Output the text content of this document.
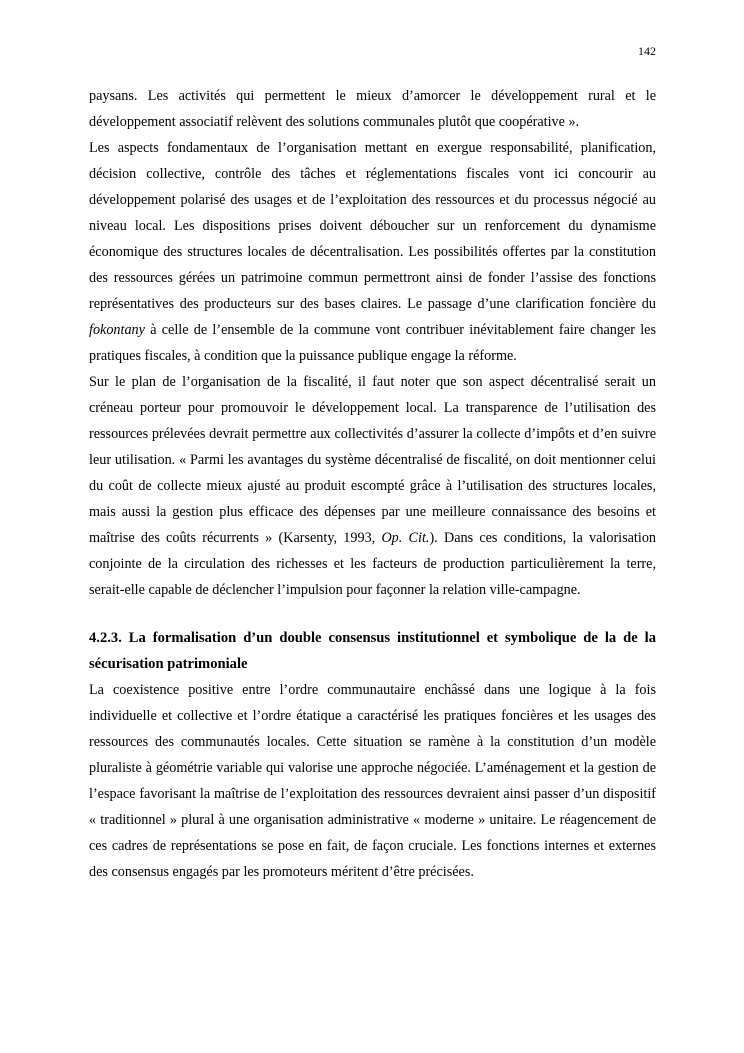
142

paysans. Les activités qui permettent le mieux d’amorcer le développement rural et le développement associatif relèvent des solutions communales plutôt que coopérative ».

Les aspects fondamentaux de l’organisation mettant en exergue responsabilité, planification, décision collective, contrôle des tâches et réglementations fiscales vont ici concourir au développement polarisé des usages et de l’exploitation des ressources et du processus négocié au niveau local. Les dispositions prises doivent déboucher sur un renforcement du dynamisme économique des structures locales de décentralisation. Les possibilités offertes par la constitution des ressources gérées un patrimoine commun permettront ainsi de fonder l’assise des fonctions représentatives des producteurs sur des bases claires. Le passage d’une clarification foncière du fokontany à celle de l’ensemble de la commune vont contribuer inévitablement faire changer les pratiques fiscales, à condition que la puissance publique engage la réforme.

Sur le plan de l’organisation de la fiscalité, il faut noter que son aspect décentralisé serait un créneau porteur pour promouvoir le développement local. La transparence de l’utilisation des ressources prélevées devrait permettre aux collectivités d’assurer la collecte d’impôts et d’en suivre leur utilisation. « Parmi les avantages du système décentralisé de fiscalité, on doit mentionner celui du coût de collecte mieux ajusté au produit escompté grâce à l’utilisation des structures locales, mais aussi la gestion plus efficace des dépenses par une meilleure connaissance des besoins et maîtrise des coûts récurrents » (Karsenty, 1993, Op. Cit.). Dans ces conditions, la valorisation conjointe de la circulation des richesses et les facteurs de production particulièrement la terre, serait-elle capable de déclencher l’impulsion pour façonner la relation ville-campagne.

4.2.3. La formalisation d’un double consensus institutionnel et symbolique de la de la sécurisation patrimoniale

La coexistence positive entre l’ordre communautaire enchâssé dans une logique à la fois individuelle et collective et l’ordre étatique a caractérisé les pratiques foncières et les usages des ressources des communautés locales. Cette situation se ramène à la constitution d’un modèle pluraliste à géométrie variable qui valorise une approche négociée. L’aménagement et la gestion de l’espace favorisant la maîtrise de l’exploitation des ressources devraient ainsi passer d’un dispositif « traditionnel » plural à une organisation administrative « moderne » unitaire. Le réagencement de ces cadres de représentations se pose en fait, de façon cruciale. Les fonctions internes et externes des consensus engagés par les promoteurs méritent d’être précisées.
